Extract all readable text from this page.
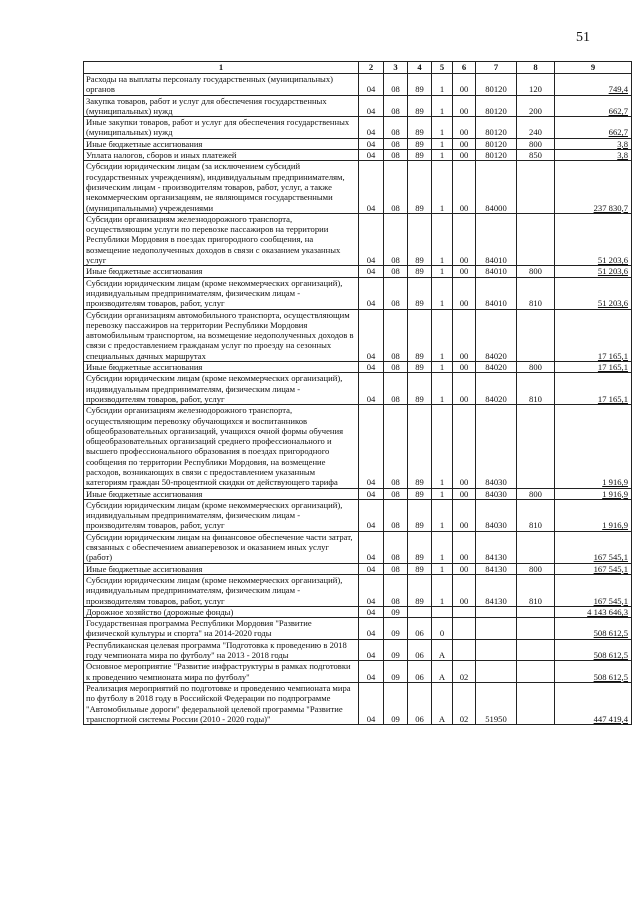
51
1	2	3	4	5	6	7	8	9
Расходы на выплаты персоналу государственных (муниципальных) органов	04	08	89	1	00	80120	120	749,4
Закупка товаров, работ и услуг для обеспечения государственных (муниципальных) нужд	04	08	89	1	00	80120	200	662,7
Иные закупки товаров, работ и услуг для обеспечения государственных (муниципальных) нужд	04	08	89	1	00	80120	240	662,7
Иные бюджетные ассигнования	04	08	89	1	00	80120	800	3,8
Уплата налогов, сборов и иных платежей	04	08	89	1	00	80120	850	3,8
Субсидии юридическим лицам (за исключением субсидий государственных учреждениям), индивидуальным предпринимателям, физическим лицам - производителям товаров, работ, услуг, а также некоммерческим организациям, не являющимся государственными (муниципальными) учреждениями	04	08	89	1	00	84000		237 830,7
Субсидии организациям железнодорожного транспорта, осуществляющим услуги по перевозке пассажиров на территории Республики Мордовия в поездах пригородного сообщения, на возмещение недополученных доходов в связи с оказанием указанных услуг	04	08	89	1	00	84010		51 203,6
Иные бюджетные ассигнования	04	08	89	1	00	84010	800	51 203,6
Субсидии юридическим лицам (кроме некоммерческих организаций), индивидуальным предпринимателям, физическим лицам - производителям товаров, работ, услуг	04	08	89	1	00	84010	810	51 203,6
Субсидии организациям автомобильного транспорта, осуществляющим перевозку пассажиров на территории Республики Мордовия автомобильным транспортом, на возмещение недополученных доходов в связи с предоставлением гражданам услуг по проезду на сезонных специальных дачных маршрутах	04	08	89	1	00	84020		17 165,1
Иные бюджетные ассигнования	04	08	89	1	00	84020	800	17 165,1
Субсидии юридическим лицам (кроме некоммерческих организаций), индивидуальным предпринимателям, физическим лицам - производителям товаров, работ, услуг	04	08	89	1	00	84020	810	17 165,1
Субсидии организациям железнодорожного транспорта, осуществляющим перевозку обучающихся и воспитанников общеобразовательных организаций, учащихся очной формы обучения общеобразовательных организаций среднего профессионального и высшего профессионального образования в поездах пригородного сообщения по территории Республики Мордовия, на возмещение расходов, возникающих в связи с предоставлением указанным категориям граждан 50-процентной скидки от действующего тарифа	04	08	89	1	00	84030		1 916,9
Иные бюджетные ассигнования	04	08	89	1	00	84030	800	1 916,9
Субсидии юридическим лицам (кроме некоммерческих организаций), индивидуальным предпринимателям, физическим лицам - производителям товаров, работ, услуг	04	08	89	1	00	84030	810	1 916,9
Субсидии юридическим лицам на финансовое обеспечение части затрат, связанных с обеспечением авиаперевозок и оказанием иных услуг (работ)	04	08	89	1	00	84130		167 545,1
Иные бюджетные ассигнования	04	08	89	1	00	84130	800	167 545,1
Субсидии юридическим лицам (кроме некоммерческих организаций), индивидуальным предпринимателям, физическим лицам - производителям товаров, работ, услуг	04	08	89	1	00	84130	810	167 545,1
Дорожное хозяйство (дорожные фонды)	04	09						4 143 646,3
Государственная программа Республики Мордовия "Развитие физической культуры и спорта" на 2014-2020 годы	04	09	06	0				508 612,5
Республиканская целевая программа "Подготовка к проведению в 2018 году чемпионата мира по футболу" на 2013 - 2018 годы	04	09	06	А				508 612,5
Основное мероприятие "Развитие инфраструктуры в рамках подготовки к проведению чемпионата мира по футболу"	04	09	06	А	02			508 612,5
Реализация мероприятий по подготовке и проведению чемпионата мира по футболу в 2018 году в Российской Федерации по подпрограмме "Автомобильные дороги" федеральной целевой программы "Развитие транспортной системы России (2010 - 2020 годы)"	04	09	06	А	02	51950		447 419,4
